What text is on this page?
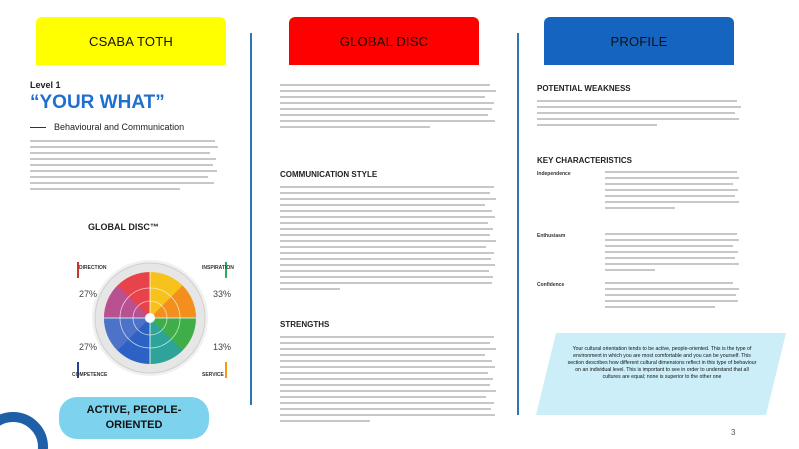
CSABA TOTH	GLOBAL DISC	PROFILE
Level 1
“YOUR WHAT”
Behavioural and Communication
GLOBAL DISC™
DIRECTION	INSPIRATION
COMPETENCE	SERVICE
27%	33%
27%	13%
ACTIVE, PEOPLE-ORIENTED
COMMUNICATION STYLE
STRENGTHS
POTENTIAL WEAKNESS
KEY CHARACTERISTICS
Independence
Enthusiasm
Confidence
Your cultural orientation tends to be active, people-oriented. This is the type of environment in which you are most comfortable and you can be yourself. This section describes how different cultural dimensions reflect in this type of behaviour on an individual level. This is important to see in order to understand that all cultures are equal; none is superior to the other one
3
